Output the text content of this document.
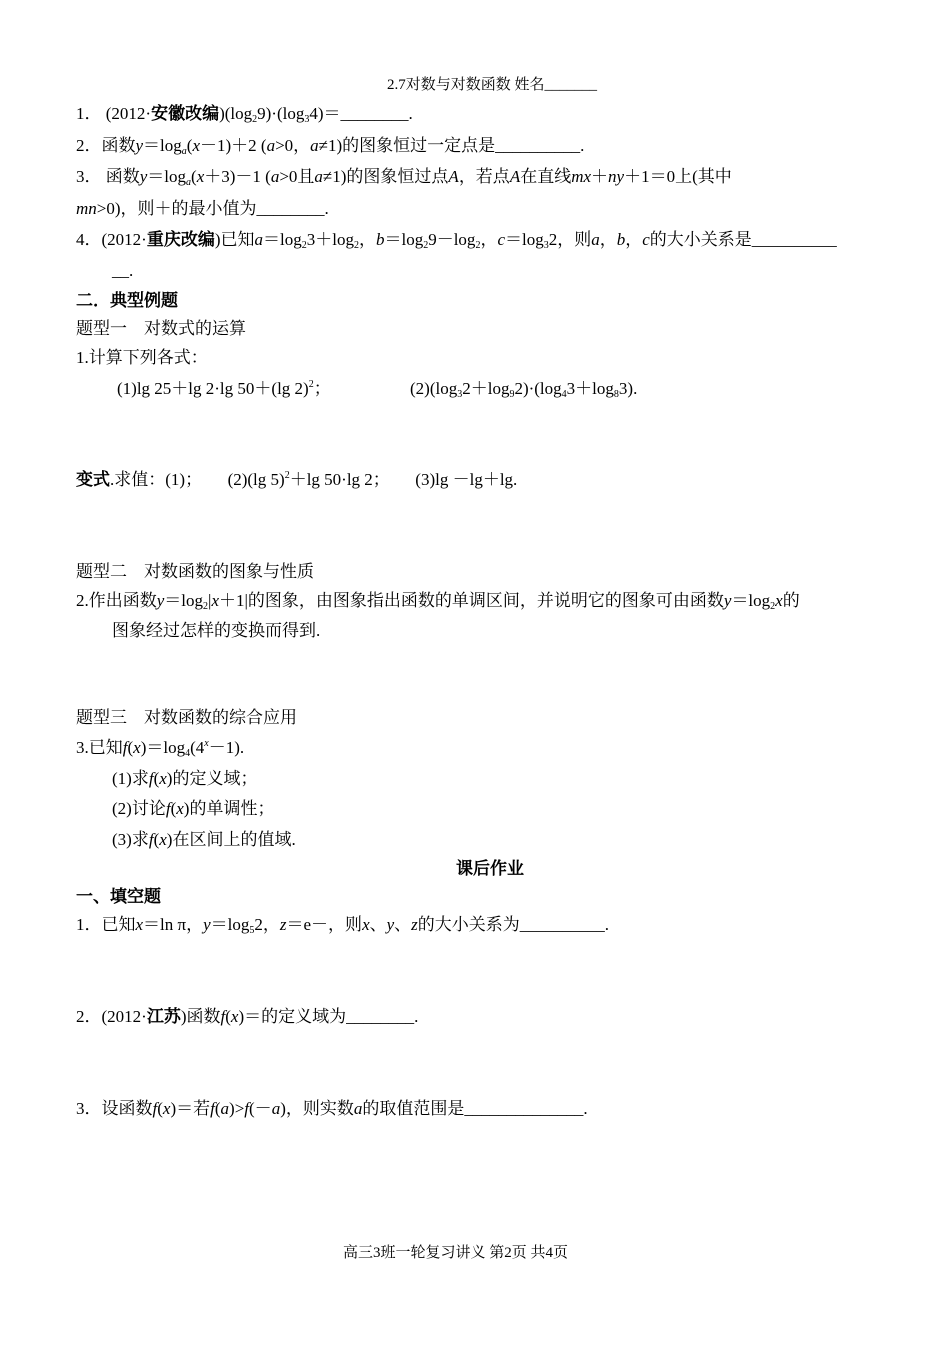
2.7对数与对数函数 姓名_______
1． (2012·安徽改编)$(\log_29)\cdot(\log_34)=\_\_\_\_\_\_\_\_$.
2．函数$y=\log_a(x-1)+2$ (a>0，a≠1)的图象恒过一定点是__________.
3． 函数$y=\log_a(x+3)-1$ (a>0且a≠1)的图象恒过点A，若点A在直线mx＋ny＋1＝0上(其中
mn>0)，则＋的最小值为________.
4．(2012·重庆改编)已知$a=\log_23+\log_2$，$b=\log_29-\log_2$，$c=\log_32$，则a，b，c的大小关系是__________
__.
二．典型例题
题型一　对数式的运算
1.计算下列各式：
(1)lg 25＋lg 2·lg 50＋(lg 2)$^2$；	$(2)(\log_32+\log_92)\cdot(\log_43+\log_83)$.
变式.求值：(1)；　　(2)(lg 5)$^2$＋lg 50·lg 2；　　(3)lg －lg＋lg.
题型二　对数函数的图象与性质
2.作出函数$y=\log_2|x+1|$的图象，由图象指出函数的单调区间，并说明它的图象可由函数$y=\log_2x$的
图象经过怎样的变换而得到.
题型三　对数函数的综合应用
3.已知$f(x)=\log_4(4^x-1)$.
(1)求f(x)的定义域；
(2)讨论f(x)的单调性；
(3)求f(x)在区间上的值域.
课后作业
一、填空题
1．已知x＝ln π，$y=\log_52$，z＝e－，则x、y、z的大小关系为__________.
2．(2012·江苏)函数f(x)＝的定义域为________.
3．设函数f(x)＝若f(a)>f(－a)，则实数a的取值范围是______________.
高三3班一轮复习讲义 第2页 共4页
